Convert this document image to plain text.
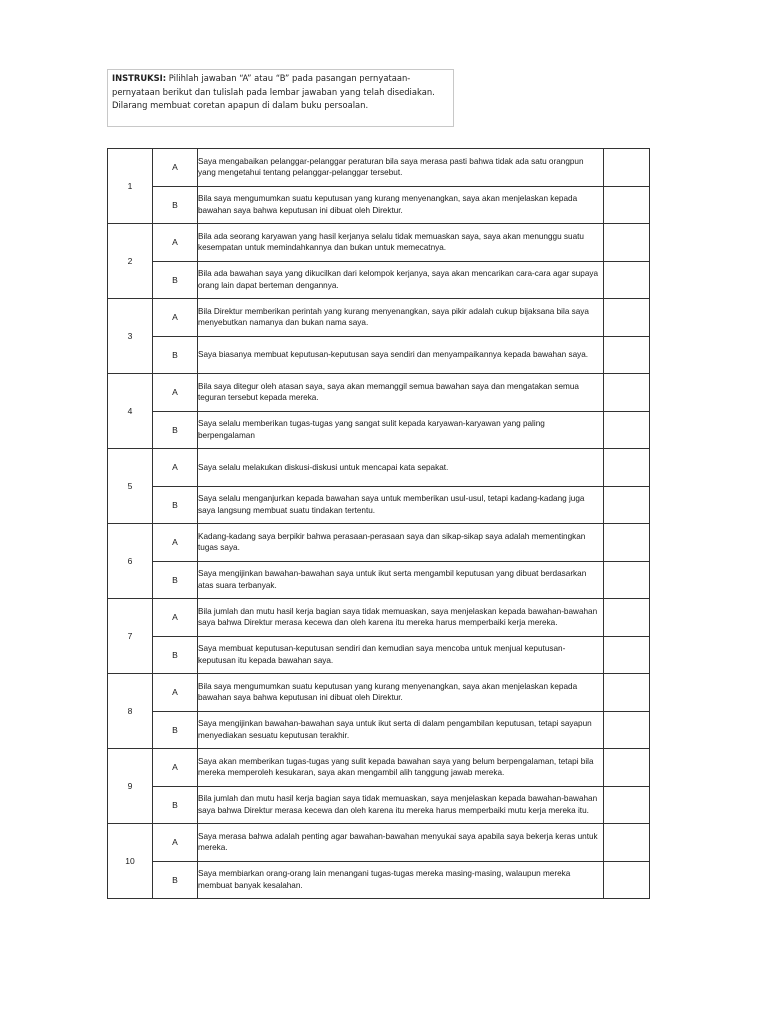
INSTRUKSI: Pilihlah jawaban “A” atau “B” pada pasangan pernyataan-pernyataan berikut dan tulislah pada lembar jawaban yang telah disediakan. Dilarang membuat coretan apapun di dalam buku persoalan.
1	A	Saya mengabaikan pelanggar-pelanggar peraturan bila saya merasa pasti bahwa tidak ada satu orangpun yang mengetahui tentang pelanggar-pelanggar tersebut.	
	B	Bila saya mengumumkan suatu keputusan yang kurang menyenangkan, saya akan menjelaskan kepada bawahan saya bahwa keputusan ini dibuat oleh Direktur.	
2	A	Bila ada seorang karyawan yang hasil kerjanya selalu tidak memuaskan saya, saya akan menunggu suatu kesempatan untuk memindahkannya dan bukan untuk memecatnya.	
	B	Bila ada bawahan saya yang dikucilkan dari kelompok kerjanya, saya akan mencarikan cara-cara agar supaya orang lain dapat berteman dengannya.	
3	A	Bila Direktur memberikan perintah yang kurang menyenangkan, saya pikir adalah cukup bijaksana bila saya menyebutkan namanya dan bukan nama saya.	
	B	Saya biasanya membuat keputusan-keputusan saya sendiri dan menyampaikannya kepada bawahan saya.	
4	A	Bila saya ditegur oleh atasan saya, saya akan memanggil semua bawahan saya dan mengatakan semua teguran tersebut kepada mereka.	
	B	Saya selalu memberikan tugas-tugas yang sangat sulit kepada karyawan-karyawan yang paling berpengalaman	
5	A	Saya selalu melakukan diskusi-diskusi untuk mencapai kata sepakat.	
	B	Saya selalu menganjurkan kepada bawahan saya untuk memberikan usul-usul, tetapi kadang-kadang juga saya langsung membuat suatu tindakan tertentu.	
6	A	Kadang-kadang saya berpikir bahwa perasaan-perasaan saya dan sikap-sikap saya adalah mementingkan tugas saya.	
	B	Saya mengijinkan bawahan-bawahan saya untuk ikut serta mengambil keputusan yang dibuat berdasarkan atas suara terbanyak.	
7	A	Bila jumlah dan mutu hasil kerja bagian saya tidak memuaskan, saya menjelaskan kepada bawahan-bawahan saya bahwa Direktur merasa kecewa dan oleh karena itu mereka harus memperbaiki kerja mereka.	
	B	Saya membuat keputusan-keputusan sendiri dan kemudian saya mencoba untuk menjual keputusan-keputusan itu kepada bawahan saya.	
8	A	Bila saya mengumumkan suatu keputusan yang kurang menyenangkan, saya akan menjelaskan kepada bawahan saya bahwa keputusan ini dibuat oleh Direktur.	
	B	Saya mengijinkan bawahan-bawahan saya untuk ikut serta di dalam pengambilan keputusan, tetapi sayapun menyediakan sesuatu keputusan terakhir.	
9	A	Saya akan memberikan tugas-tugas yang sulit kepada bawahan saya yang belum berpengalaman, tetapi bila mereka memperoleh kesukaran, saya akan mengambil alih tanggung jawab mereka.	
	B	Bila jumlah dan mutu hasil kerja bagian saya tidak memuaskan, saya menjelaskan kepada bawahan-bawahan saya bahwa Direktur merasa kecewa dan oleh karena itu mereka harus memperbaiki mutu kerja mereka itu.	
10	A	Saya merasa bahwa adalah penting agar bawahan-bawahan menyukai saya apabila saya bekerja keras untuk mereka.	
	B	Saya membiarkan orang-orang lain menangani tugas-tugas mereka masing-masing, walaupun mereka membuat banyak kesalahan.	
